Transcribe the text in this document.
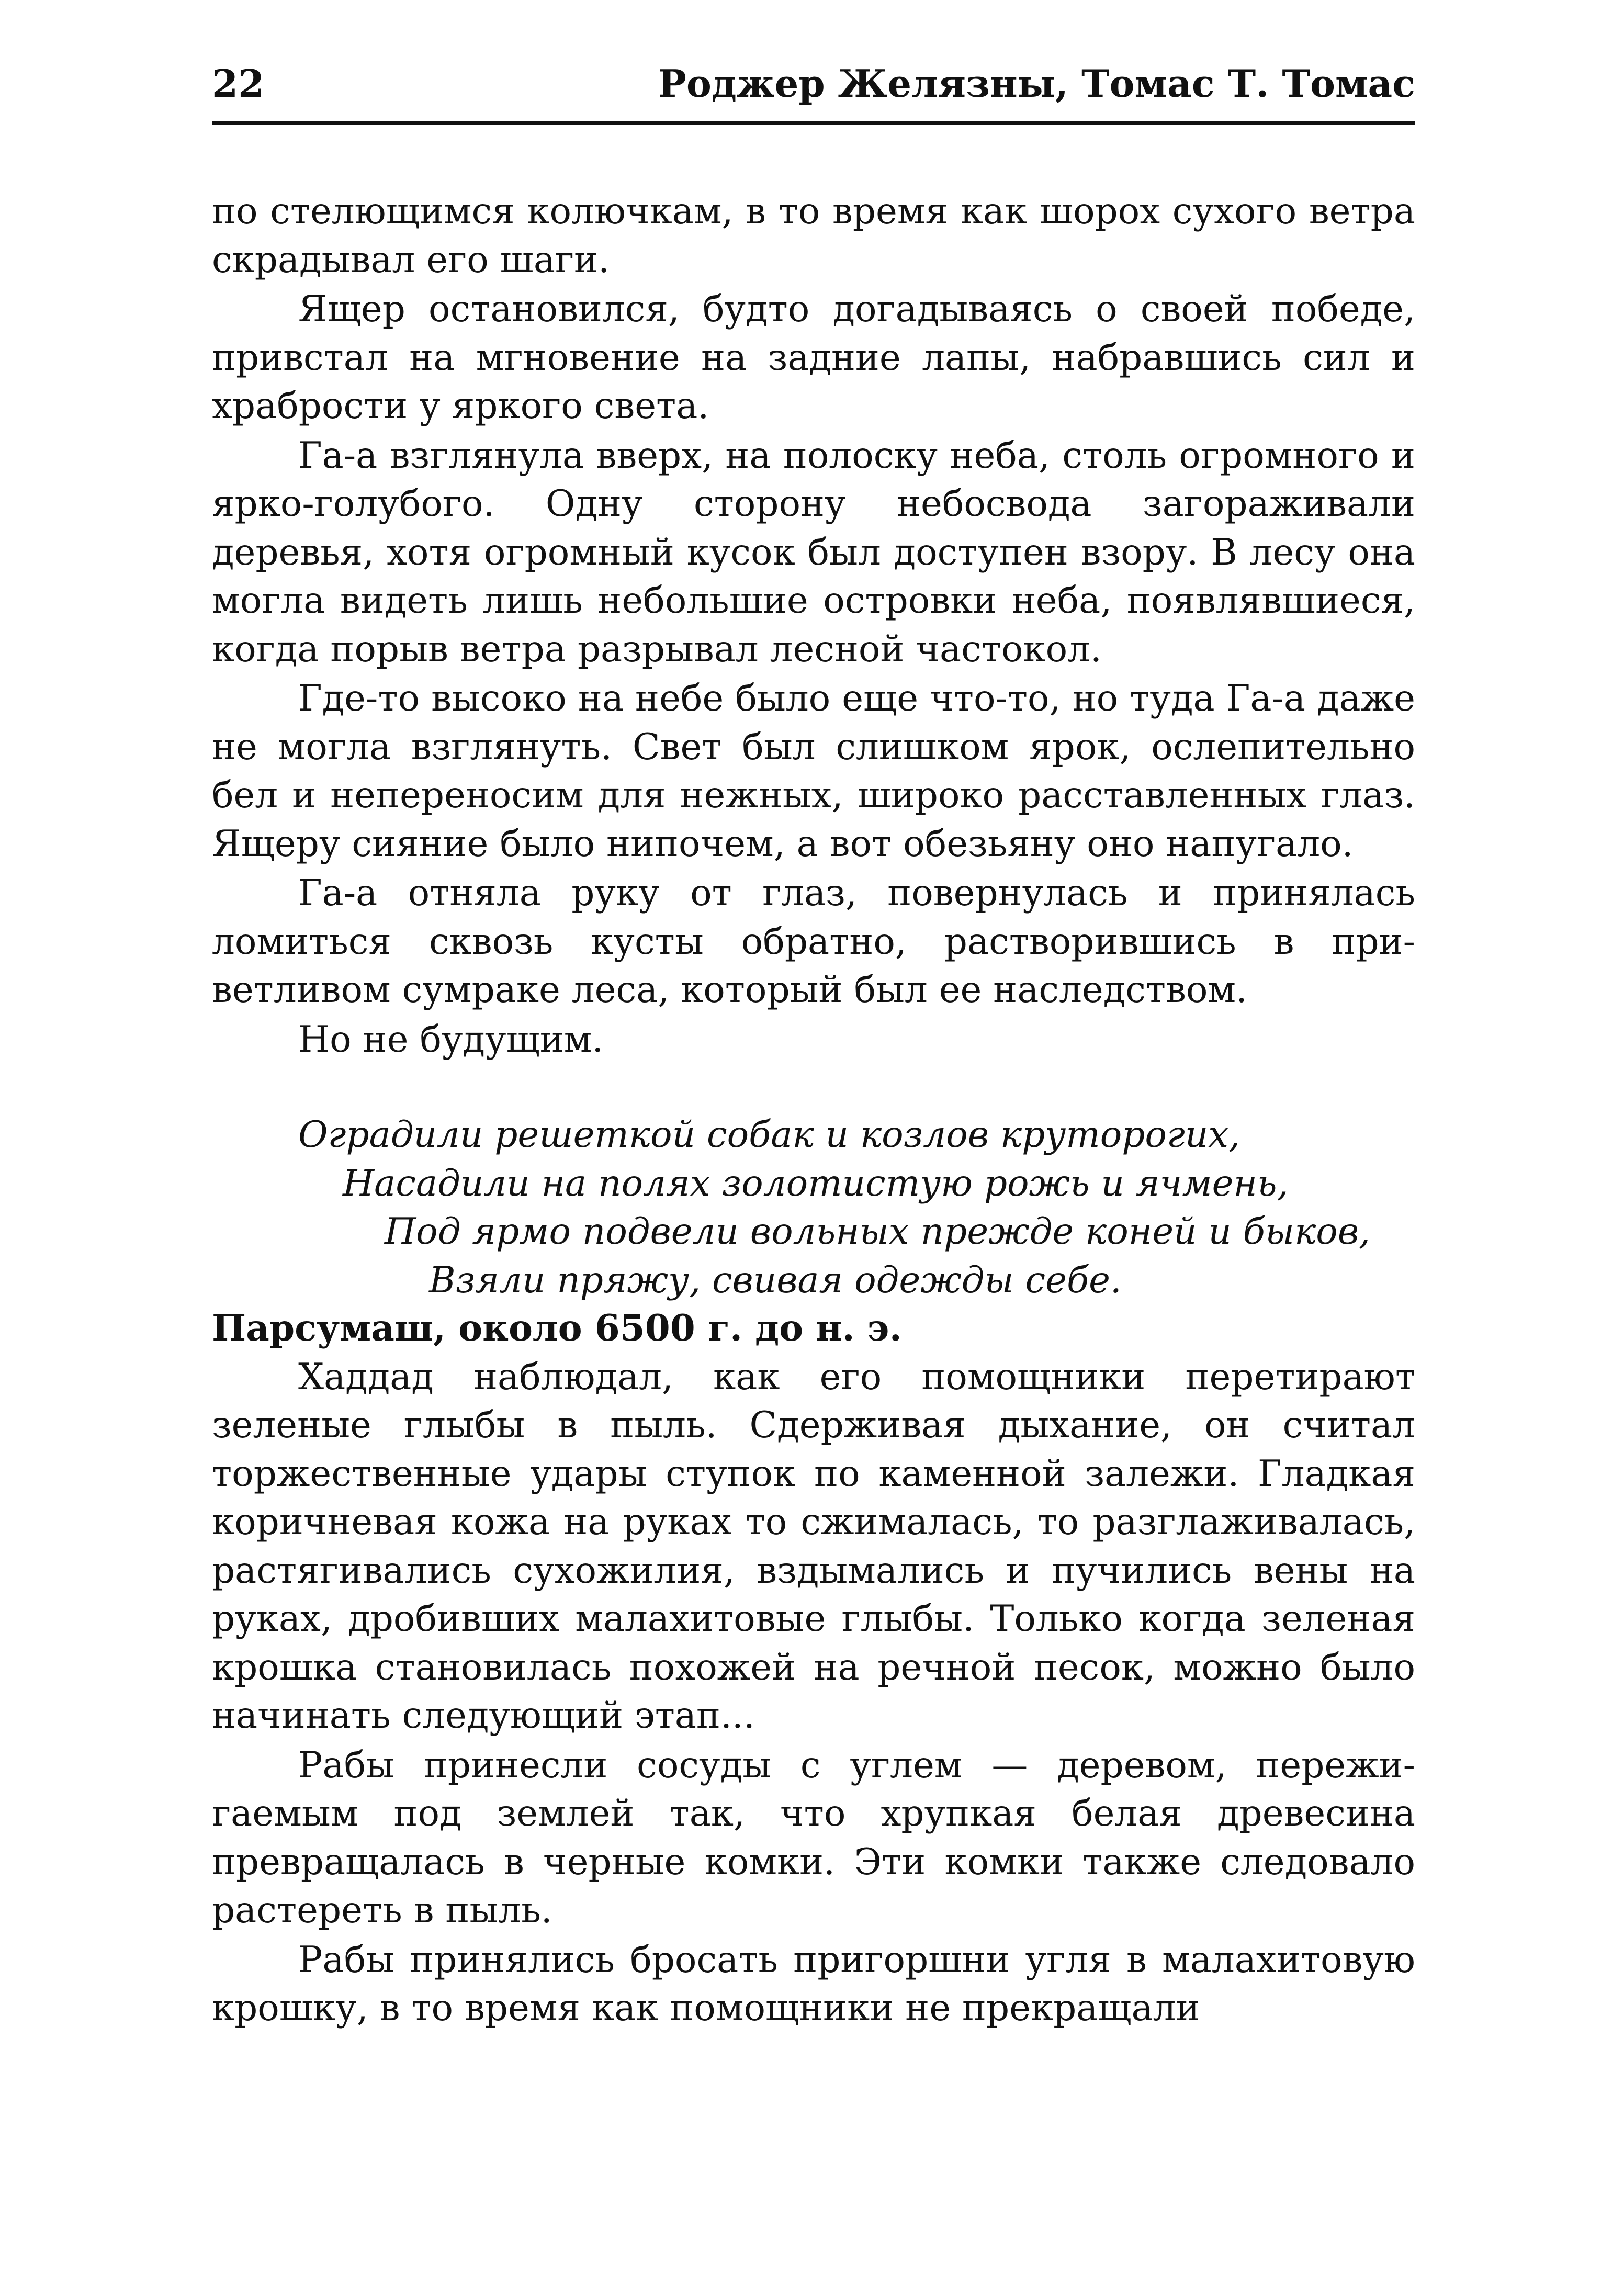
22	Роджер Желязны, Томас Т. Томас

по стелющимся колючкам, в то время как шорох сухого ветра скрадывал его шаги.

Ящер остановился, будто догадываясь о своей победе, привстал на мгновение на задние лапы, набравшись сил и храбрости у яркого света.

Га-а взглянула вверх, на полоску неба, столь огромного и ярко-голубого. Одну сторону небосвода загораживали деревья, хотя огромный кусок был доступен взору. В лесу она могла видеть лишь небольшие островки неба, появлявшиеся, когда порыв ветра разрывал лесной частокол.

Где-то высоко на небе было еще что-то, но туда Га-а даже не могла взглянуть. Свет был слишком ярок, ослепительно бел и непереносим для нежных, широко расставленных глаз. Ящеру сияние было нипочем, а вот обезьяну оно напугало.

Га-а отняла руку от глаз, повернулась и принялась ломиться сквозь кусты обратно, растворившись в приветливом сумраке леса, который был ее наследством.

Но не будущим.

Оградили решеткой собак и козлов круторогих,
Насадили на полях золотистую рожь и ячмень,
Под ярмо подвели вольных прежде коней и быков,
Взяли пряжу, свивая одежды себе.

Парсумаш, около 6500 г. до н. э.

Хаддад наблюдал, как его помощники перетирают зеленые глыбы в пыль. Сдерживая дыхание, он считал торжественные удары ступок по каменной залежи. Гладкая коричневая кожа на руках то сжималась, то разглаживалась, растягивались сухожилия, вздымались и пучились вены на руках, дробивших малахитовые глыбы. Только когда зеленая крошка становилась похожей на речной песок, можно было начинать следующий этап...

Рабы принесли сосуды с углем — деревом, пережигаемым под землей так, что хрупкая белая древесина превращалась в черные комки. Эти комки также следовало растереть в пыль.

Рабы принялись бросать пригоршни угля в малахитовую крошку, в то время как помощники не прекращали
